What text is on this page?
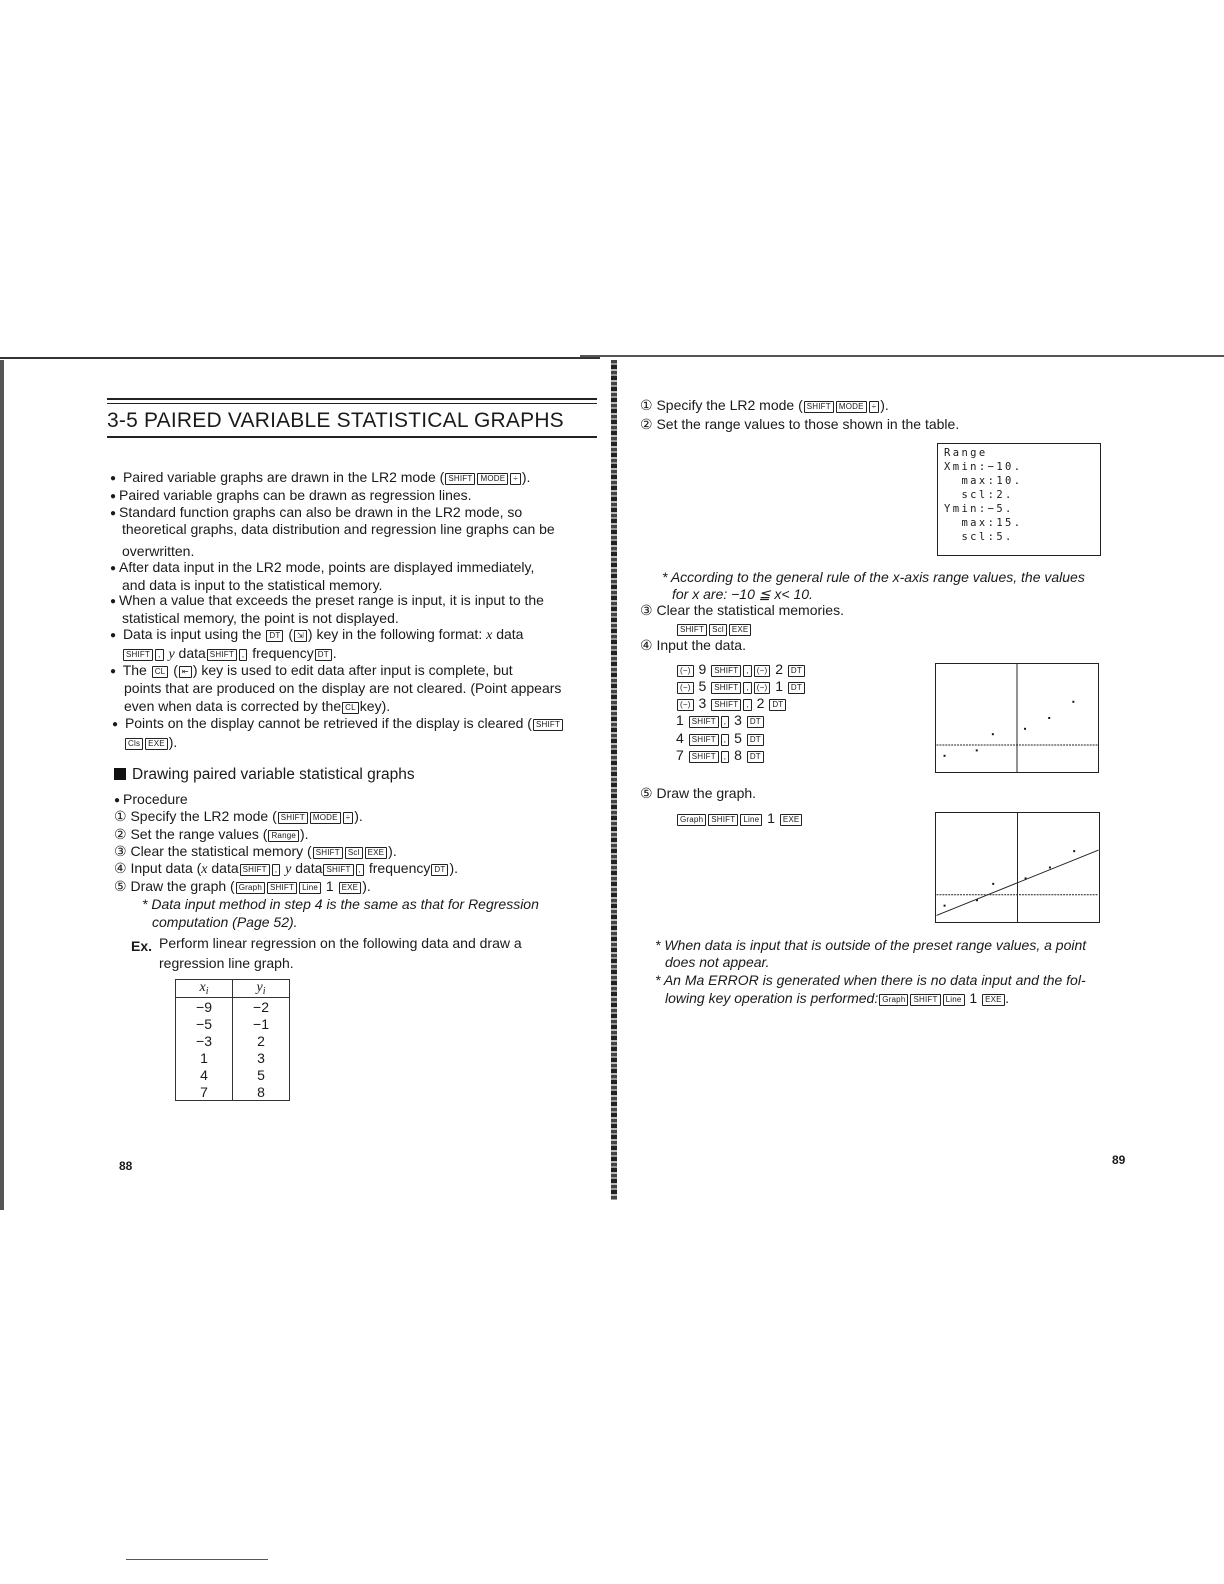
3-5 PAIRED VARIABLE STATISTICAL GRAPHS
● Paired variable graphs are drawn in the LR2 mode ( SHIFT MODE ÷ ).
● Paired variable graphs can be drawn as regression lines.
● Standard function graphs can also be drawn in the LR2 mode, so
theoretical graphs, data distribution and regression line graphs can be
overwritten.
● After data input in the LR2 mode, points are displayed immediately,
and data is input to the statistical memory.
● When a value that exceeds the preset range is input, it is input to the
statistical memory, the point is not displayed.
● Data is input using the DT ( ⇲ ) key in the following format: x data
SHIFT , y data SHIFT , frequency DT .
● The CL ( ⇤ ) key is used to edit data after input is complete, but
points that are produced on the display are not cleared. (Point appears
even when data is corrected by the CL key).
● Points on the display cannot be retrieved if the display is cleared ( SHIFT
Cls EXE ).
Drawing paired variable statistical graphs
● Procedure
① Specify the LR2 mode ( SHIFT MODE ÷ ).
② Set the range values ( Range ).
③ Clear the statistical memory ( SHIFT Scl EXE ).
④ Input data (x data SHIFT , y data SHIFT , frequency DT ).
⑤ Draw the graph ( Graph SHIFT Line 1 EXE ).
* Data input method in step 4 is the same as that for Regression
computation (Page 52).
Ex. Perform linear regression on the following data and draw a
regression line graph.
$x_i$	$y_i$
−9	−2
−5	−1
−3	2
1	3
4	5
7	8
88
① Specify the LR2 mode ( SHIFT MODE ÷ ).
② Set the range values to those shown in the table.
Range
Xmin:−10.
max:10.
scl:2.
Ymin:−5.
max:15.
scl:5.
* According to the general rule of the x-axis range values, the values
for x are: −10 ≦ x< 10.
③ Clear the statistical memories.
SHIFT Scl EXE
④ Input the data.
(−) 9 SHIFT , (−) 2 DT
(−) 5 SHIFT , (−) 1 DT
(−) 3 SHIFT , 2 DT
1 SHIFT , 3 DT
4 SHIFT , 5 DT
7 SHIFT , 8 DT
⑤ Draw the graph.
Graph SHIFT Line 1 EXE
* When data is input that is outside of the preset range values, a point
does not appear.
* An Ma ERROR is generated when there is no data input and the fol-
lowing key operation is performed: Graph SHIFT Line 1 EXE .
89
